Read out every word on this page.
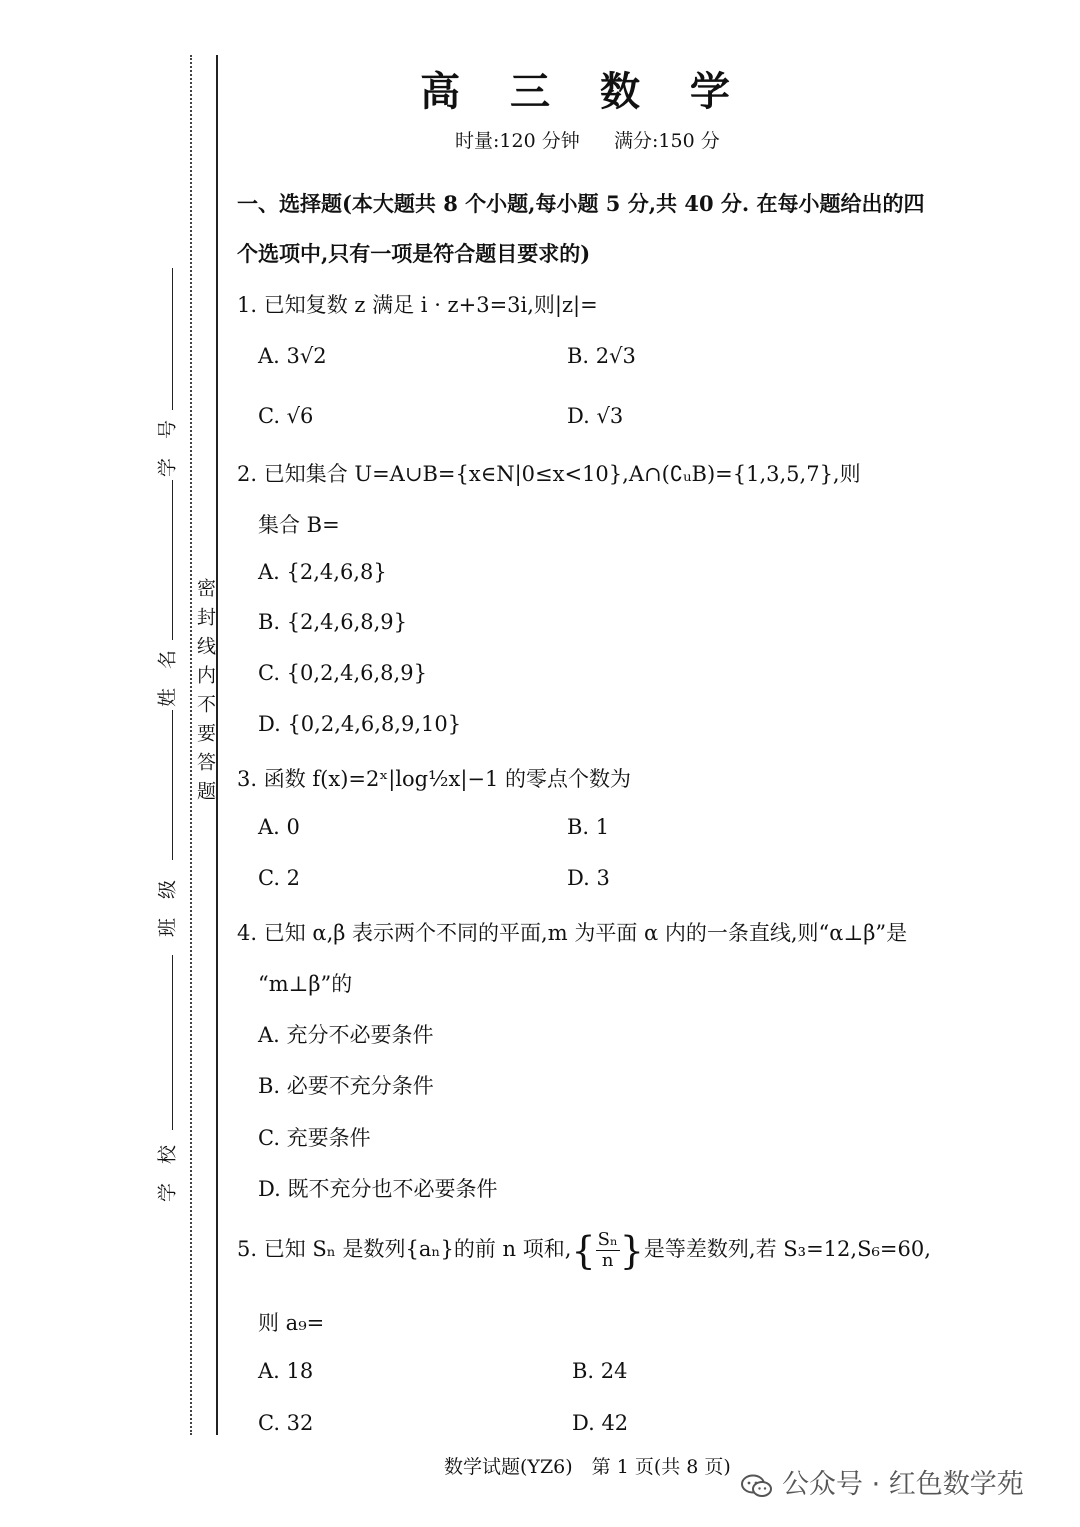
密封线内不要答题
学　号
姓　名
班　级
学　校
高 三 数 学
时量:120 分钟 满分:150 分
一、选择题(本大题共 8 个小题,每小题 5 分,共 40 分. 在每小题给出的四
个选项中,只有一项是符合题目要求的)
1. 已知复数 z 满足 i · z+3=3i,则|z|=
A. 3√2	B. 2√3
C. √6	D. √3
2. 已知集合 U=A∪B={x∈N|0≤x<10},A∩(∁ᵤB)={1,3,5,7},则
集合 B=
A. {2,4,6,8}
B. {2,4,6,8,9}
C. {0,2,4,6,8,9}
D. {0,2,4,6,8,9,10}
3. 函数 f(x)=2ˣ|log½x|−1 的零点个数为
A. 0	B. 1
C. 2	D. 3
4. 已知 α,β 表示两个不同的平面,m 为平面 α 内的一条直线,则“α⊥β”是
“m⊥β”的
A. 充分不必要条件
B. 必要不充分条件
C. 充要条件
D. 既不充分也不必要条件
5. 已知 Sₙ 是数列{aₙ}的前 n 项和,{ $\frac{\text{Sₙ}}{n}$ }是等差数列,若 S₃=12,S₆=60,
则 a₉=
A. 18	B. 24
C. 32	D. 42
数学试题(YZ6)　第 1 页(共 8 页)
公众号 · 红色数学苑
